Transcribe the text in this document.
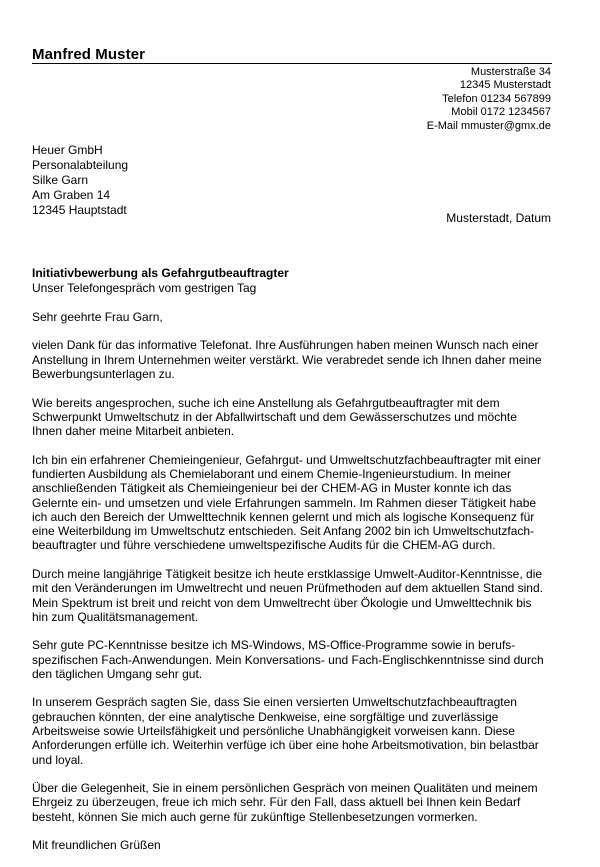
Manfred Muster
Musterstraße 34
12345 Musterstadt
Telefon 01234 567899
Mobil 0172 1234567
E-Mail mmuster@gmx.de
Heuer GmbH
Personalabteilung
Silke Garn
Am Graben 14
12345 Hauptstadt
Musterstadt, Datum
Initiativbewerbung als Gefahrgutbeauftragter
Unser Telefongespräch vom gestrigen Tag

Sehr geehrte Frau Garn,

vielen Dank für das informative Telefonat. Ihre Ausführungen haben meinen Wunsch nach einer
Anstellung in Ihrem Unternehmen weiter verstärkt. Wie verabredet sende ich Ihnen daher meine
Bewerbungsunterlagen zu.

Wie bereits angesprochen, suche ich eine Anstellung als Gefahrgutbeauftragter mit dem
Schwerpunkt Umweltschutz in der Abfallwirtschaft und dem Gewässerschutzes und möchte
Ihnen daher meine Mitarbeit anbieten.

Ich bin ein erfahrener Chemieingenieur, Gefahrgut- und Umweltschutzfachbeauftragter mit einer
fundierten Ausbildung als Chemielaborant und einem Chemie-Ingenieurstudium. In meiner
anschließenden Tätigkeit als Chemieingenieur bei der CHEM-AG in Muster konnte ich das
Gelernte ein- und umsetzen und viele Erfahrungen sammeln. Im Rahmen dieser Tätigkeit habe
ich auch den Bereich der Umwelttechnik kennen gelernt und mich als logische Konsequenz für
eine Weiterbildung im Umweltschutz entschieden. Seit Anfang 2002 bin ich Umweltschutzfach-
beauftragter und führe verschiedene umweltspezifische Audits für die CHEM-AG durch.

Durch meine langjährige Tätigkeit besitze ich heute erstklassige Umwelt-Auditor-Kenntnisse, die
mit den Veränderungen im Umweltrecht und neuen Prüfmethoden auf dem aktuellen Stand sind.
Mein Spektrum ist breit und reicht von dem Umweltrecht über Ökologie und Umwelttechnik bis
hin zum Qualitätsmanagement.

Sehr gute PC-Kenntnisse besitze ich MS-Windows, MS-Office-Programme sowie in berufs-
spezifischen Fach-Anwendungen. Mein Konversations- und Fach-Englischkenntnisse sind durch
den täglichen Umgang sehr gut.

In unserem Gespräch sagten Sie, dass Sie einen versierten Umweltschutzfachbeauftragten
gebrauchen könnten, der eine analytische Denkweise, eine sorgfältige und zuverlässige
Arbeitsweise sowie Urteilsfähigkeit und persönliche Unabhängigkeit vorweisen kann. Diese
Anforderungen erfülle ich. Weiterhin verfüge ich über eine hohe Arbeitsmotivation, bin belastbar
und loyal.

Über die Gelegenheit, Sie in einem persönlichen Gespräch von meinen Qualitäten und meinem
Ehrgeiz zu überzeugen, freue ich mich sehr. Für den Fall, dass aktuell bei Ihnen kein Bedarf
besteht, können Sie mich auch gerne für zukünftige Stellenbesetzungen vormerken.

Mit freundlichen Grüßen
